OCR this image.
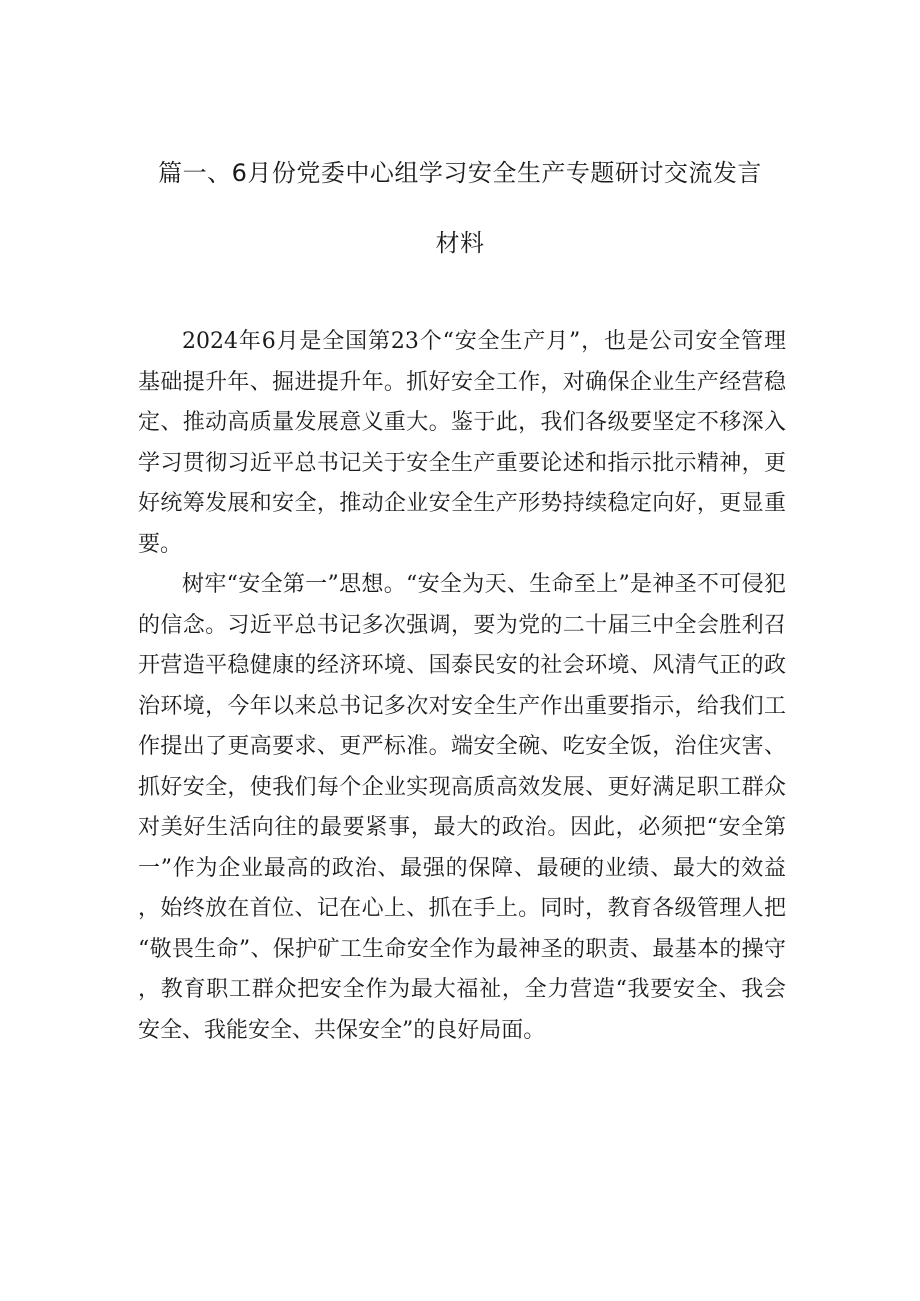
篇一、6月份党委中心组学习安全生产专题研讨交流发言
材料

2024年6月是全国第23个“安全生产月”，也是公司安全管理基础提升年、掘进提升年。抓好安全工作，对确保企业生产经营稳定、推动高质量发展意义重大。鉴于此，我们各级要坚定不移深入学习贯彻习近平总书记关于安全生产重要论述和指示批示精神，更好统筹发展和安全，推动企业安全生产形势持续稳定向好，更显重要。

树牢“安全第一”思想。“安全为天、生命至上”是神圣不可侵犯的信念。习近平总书记多次强调，要为党的二十届三中全会胜利召开营造平稳健康的经济环境、国泰民安的社会环境、风清气正的政治环境，今年以来总书记多次对安全生产作出重要指示，给我们工作提出了更高要求、更严标准。端安全碗、吃安全饭，治住灾害、抓好安全，使我们每个企业实现高质高效发展、更好满足职工群众对美好生活向往的最要紧事，最大的政治。因此，必须把“安全第一”作为企业最高的政治、最强的保障、最硬的业绩、最大的效益，始终放在首位、记在心上、抓在手上。同时，教育各级管理人把“敬畏生命”、保护矿工生命安全作为最神圣的职责、最基本的操守，教育职工群众把安全作为最大福祉，全力营造“我要安全、我会安全、我能安全、共保安全”的良好局面。
